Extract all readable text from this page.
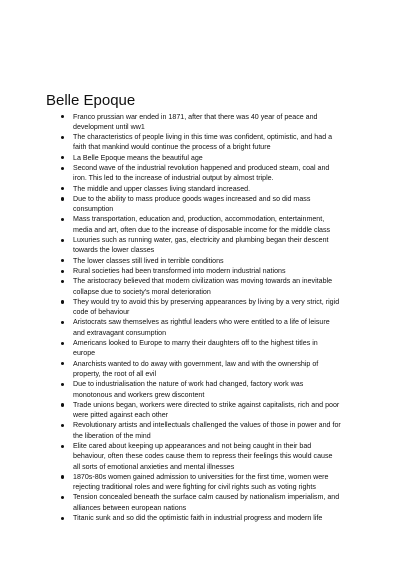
Belle Epoque
Franco prussian war ended in 1871, after that there was 40 year of peace and
development until ww1
The characteristics of people living in this time was confident, optimistic, and had a
faith that mankind would continue the process of a bright future
La Belle Epoque means the beautiful age
Second wave of the industrial revolution happened and produced steam, coal and
iron. This led to the increase of industrial output by almost triple.
The middle and upper classes living standard increased.
Due to the ability to mass produce goods wages increased and so did mass
consumption
Mass transportation, education and, production, accommodation, entertainment,
media and art, often due to the increase of disposable income for the middle class
Luxuries such as running water, gas, electricity and plumbing began their descent
towards the lower classes
The lower classes still lived in terrible conditions
Rural societies had been transformed into modern industrial nations
The aristocracy believed that modern civilization was moving towards an inevitable
collapse due to society's moral deterioration
They would try to avoid this by preserving appearances by living by a very strict, rigid
code of behaviour
Aristocrats saw themselves as rightful leaders who were entitled to a life of leisure
and extravagant consumption
Americans looked to Europe to marry their daughters off to the highest titles in
europe
Anarchists wanted to do away with government, law and with the ownership of
property, the root of all evil
Due to industrialisation the nature of work had changed, factory work was
monotonous and workers grew discontent
Trade unions began, workers were directed to strike against capitalists, rich and poor
were pitted against each other
Revolutionary artists and intellectuals challenged the values of those in power and for
the liberation of the mind
Elite cared about keeping up appearances and not being caught in their bad
behaviour, often these codes cause them to repress their feelings this would cause
all sorts of emotional anxieties and mental illnesses
1870s-80s women gained admission to universities for the first time, women were
rejecting traditional roles and were fighting for civil rights such as voting rights
Tension concealed beneath the surface calm caused by nationalism imperialism, and
alliances between european nations
Titanic sunk and so did the optimistic faith in industrial progress and modern life
